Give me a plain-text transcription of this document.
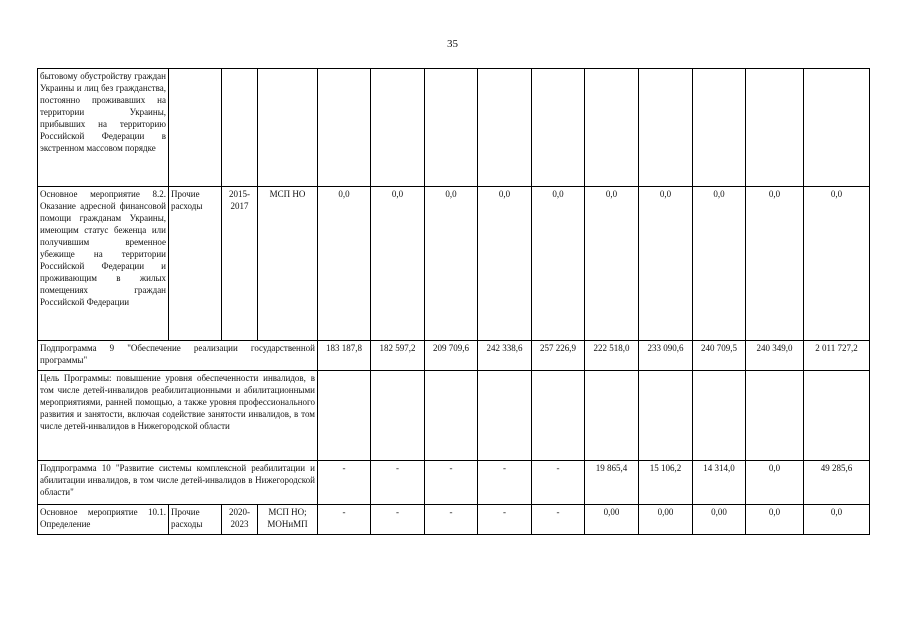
35
бытовому обустройству граждан Украины и лиц без гражданства, постоянно проживавших на территории Украины, прибывших на территорию Российской Федерации в экстренном массовом порядке													
Основное мероприятие 8.2. Оказание адресной финансовой помощи гражданам Украины, имеющим статус беженца или получившим временное убежище на территории Российской Федерации и проживающим в жилых помещениях граждан Российской Федерации	Прочие расходы	2015-2017	МСП НО	0,0	0,0	0,0	0,0	0,0	0,0	0,0	0,0	0,0	0,0
Подпрограмма 9 "Обеспечение реализации государственной программы"				183 187,8	182 597,2	209 709,6	242 338,6	257 226,9	222 518,0	233 090,6	240 709,5	240 349,0	2 011 727,2
Цель Программы: повышение уровня обеспеченности инвалидов, в том числе детей-инвалидов реабилитационными и абилитационными мероприятиями, ранней помощью, а также уровня профессионального развития и занятости, включая содействие занятости инвалидов, в том числе детей-инвалидов в Нижегородской области													
Подпрограмма 10 "Развитие системы комплексной реабилитации и абилитации инвалидов, в том числе детей-инвалидов в Нижегородской области"				-	-	-	-	-	19 865,4	15 106,2	14 314,0	0,0	49 285,6
Основное мероприятие 10.1. Определение	Прочие расходы	2020-2023	МСП НО; МОНиМП	-	-	-	-	-	0,00	0,00	0,00	0,0	0,0
